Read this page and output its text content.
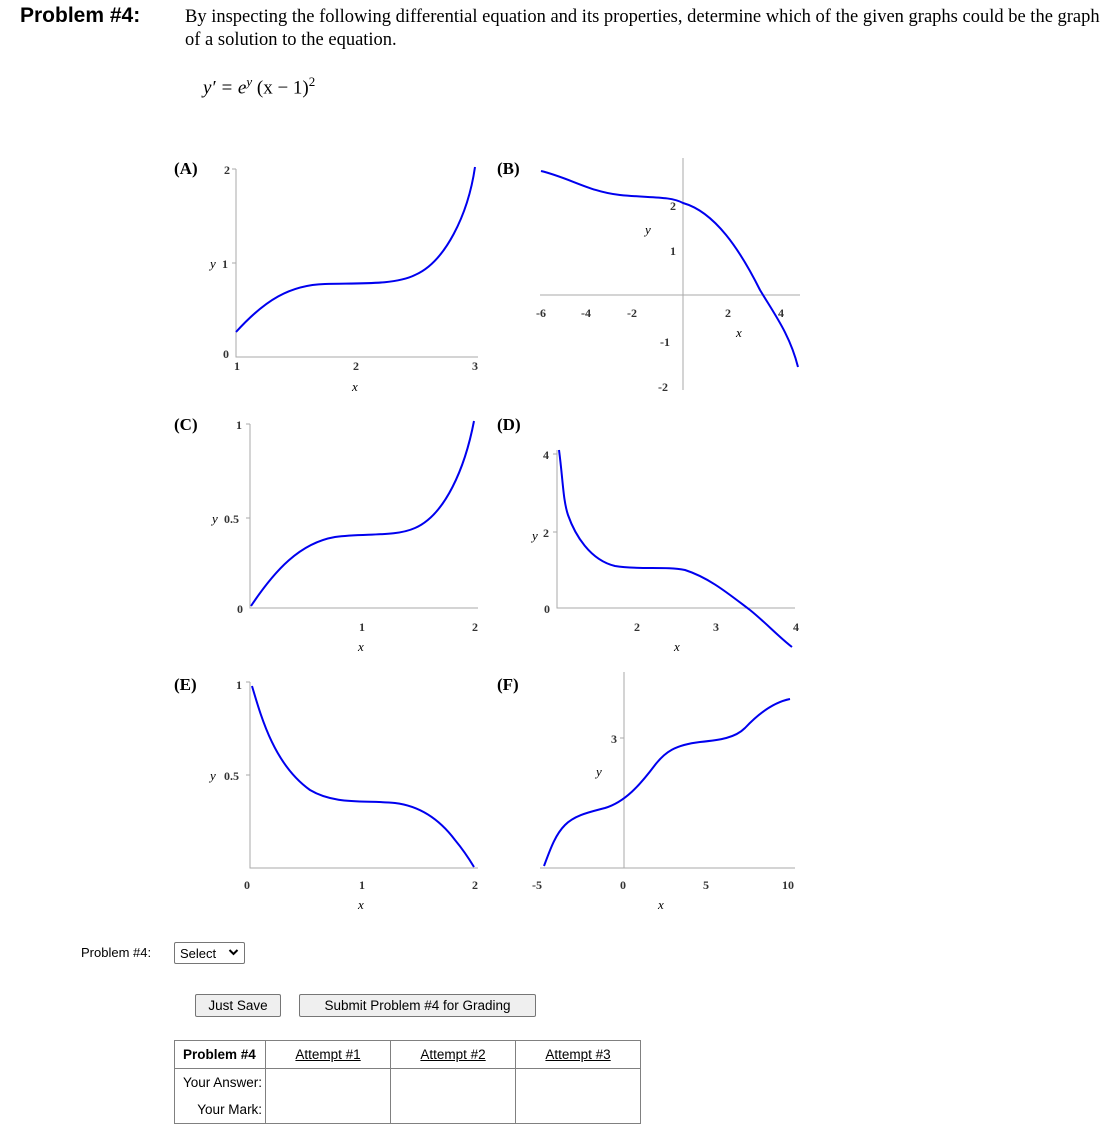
Problem #4: By inspecting the following differential equation and its properties, determine which of the given graphs could be the graph of a solution to the equation.
$y' = e^y$ $(x - 1)^2$
(A) 2
1
y
0
1	2	3
x
(B)
-6	-4	-2	2	4
2
1
-1
-2
x
y
(C)	1
0.5
y
0
1	2
x
(D)
4
2
y
0
2	3	4
x
(E)	1
0.5
y
0	1	2
x
(F)
3
y
-5	0	5	10
x
Problem #4:	Select
Just Save	Submit Problem #4 for Grading
Problem #4	Attempt #1	Attempt #2	Attempt #3
Your Answer:			
Your Mark:			
